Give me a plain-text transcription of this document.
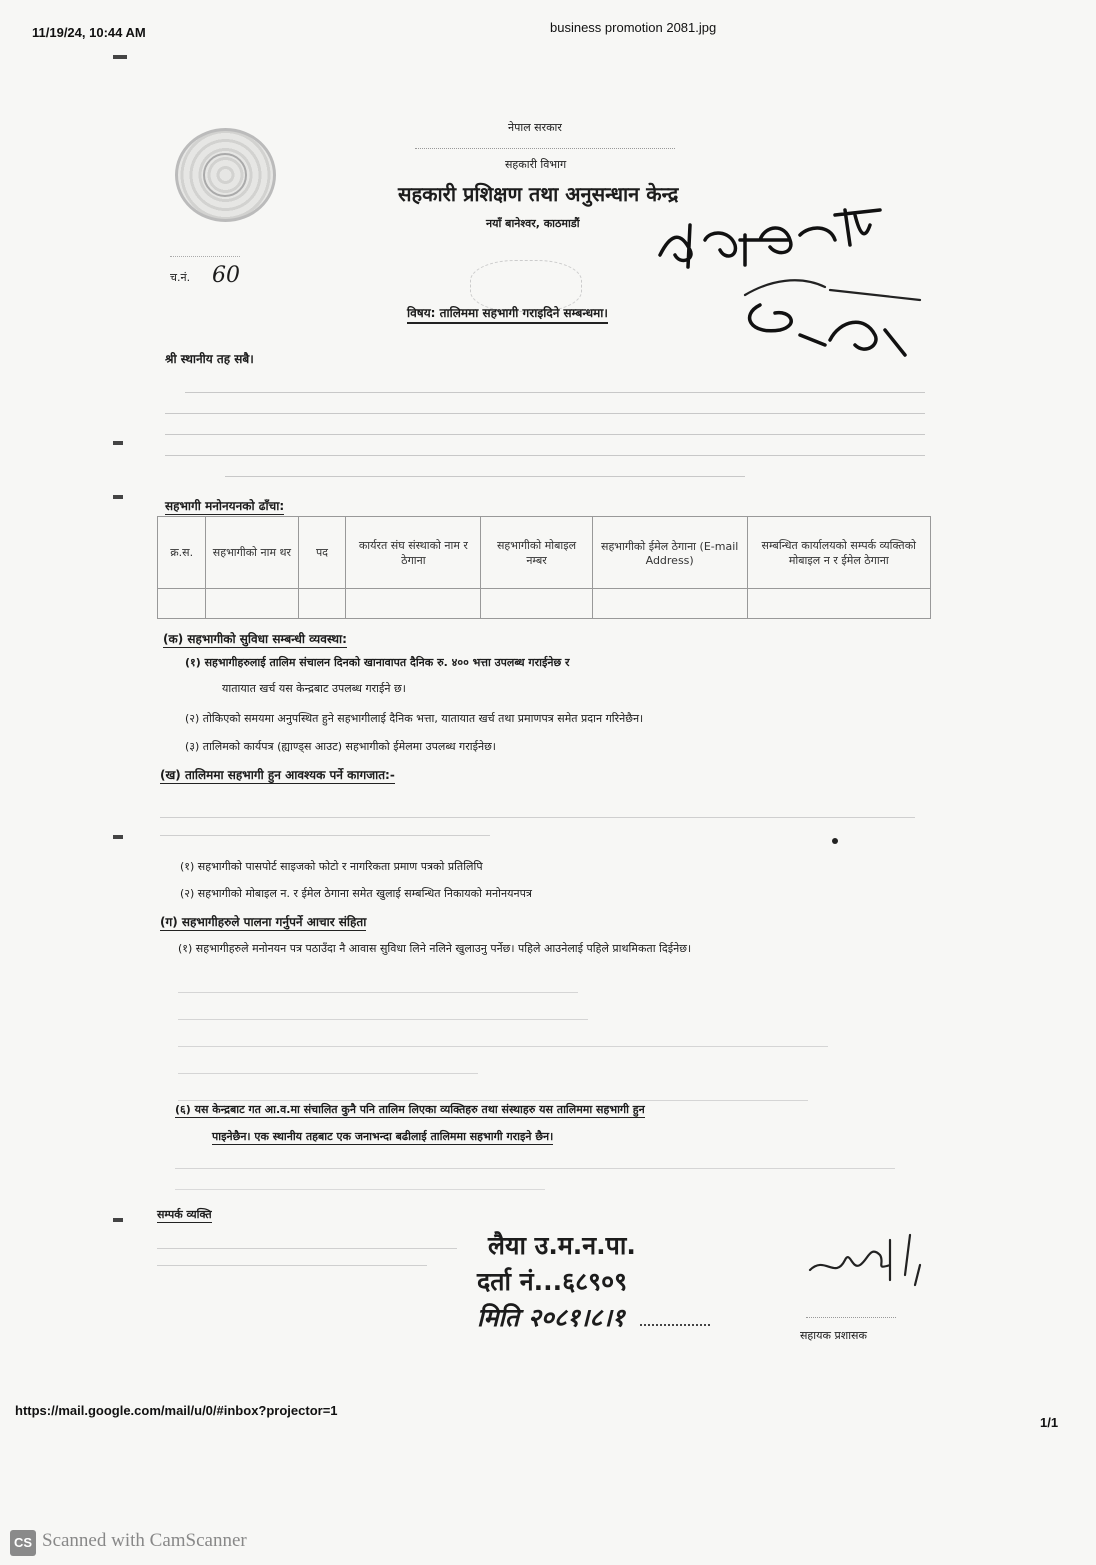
11/19/24, 10:44 AM	business promotion 2081.jpg
नेपाल सरकार
सहकारी विभाग
सहकारी प्रशिक्षण तथा अनुसन्धान केन्द्र
नयाँ बानेश्वर, काठमाडौं

च.नं. 60
विषय: तालिममा सहभागी गराइदिने सम्बन्धमा।
श्री स्थानीय तह सबै।
सहभागी मनोनयनको ढाँचा:
क्र.स.	सहभागीको नाम थर	पद	कार्यरत संघ संस्थाको नाम र ठेगाना	सहभागीको मोबाइल नम्बर	सहभागीको ईमेल ठेगाना (E-mail Address)	सम्बन्धित कार्यालयको सम्पर्क व्यक्तिको मोबाइल न र ईमेल ठेगाना

(क) सहभागीको सुविधा सम्बन्धी व्यवस्था:
(१) सहभागीहरुलाई तालिम संचालन दिनको खानावापत दैनिक रु. ४०० भत्ता उपलब्ध गराईनेछ र
यातायात खर्च यस केन्द्रबाट उपलब्ध गराईने छ।
(२) तोकिएको समयमा अनुपस्थित हुने सहभागीलाई दैनिक भत्ता, यातायात खर्च तथा प्रमाणपत्र समेत प्रदान गरिनेछैन।
(३) तालिमको कार्यपत्र (ह्याण्ड्स आउट) सहभागीको ईमेलमा उपलब्ध गराईनेछ।
(ख) तालिममा सहभागी हुन आवश्यक पर्ने कागजात:-
(१) सहभागीको पासपोर्ट साइजको फोटो र नागरिकता प्रमाण पत्रको प्रतिलिपि
(२) सहभागीको मोबाइल न. र ईमेल ठेगाना समेत खुलाई सम्बन्धित निकायको मनोनयनपत्र
(ग) सहभागीहरुले पालना गर्नुपर्ने आचार संहिता
(१) सहभागीहरुले मनोनयन पत्र पठाउँदा नै आवास सुविधा लिने नलिने खुलाउनु पर्नेछ। पहिले आउनेलाई पहिले प्राथमिकता दिईनेछ।
(६) यस केन्द्रबाट गत आ.व.मा संचालित कुनै पनि तालिम लिएका व्यक्तिहरु तथा संस्थाहरु यस तालिममा सहभागी हुन
पाइनेछैन। एक स्थानीय तहबाट एक जनाभन्दा बढीलाई तालिममा सहभागी गराइने छैन।
सम्पर्क व्यक्ति
लैया उ.म.न.पा.
दर्ता नं...६८९०९
मिति २०८१।८।१

सहायक प्रशासक
https://mail.google.com/mail/u/0/#inbox?projector=1
1/1
CS Scanned with CamScanner
